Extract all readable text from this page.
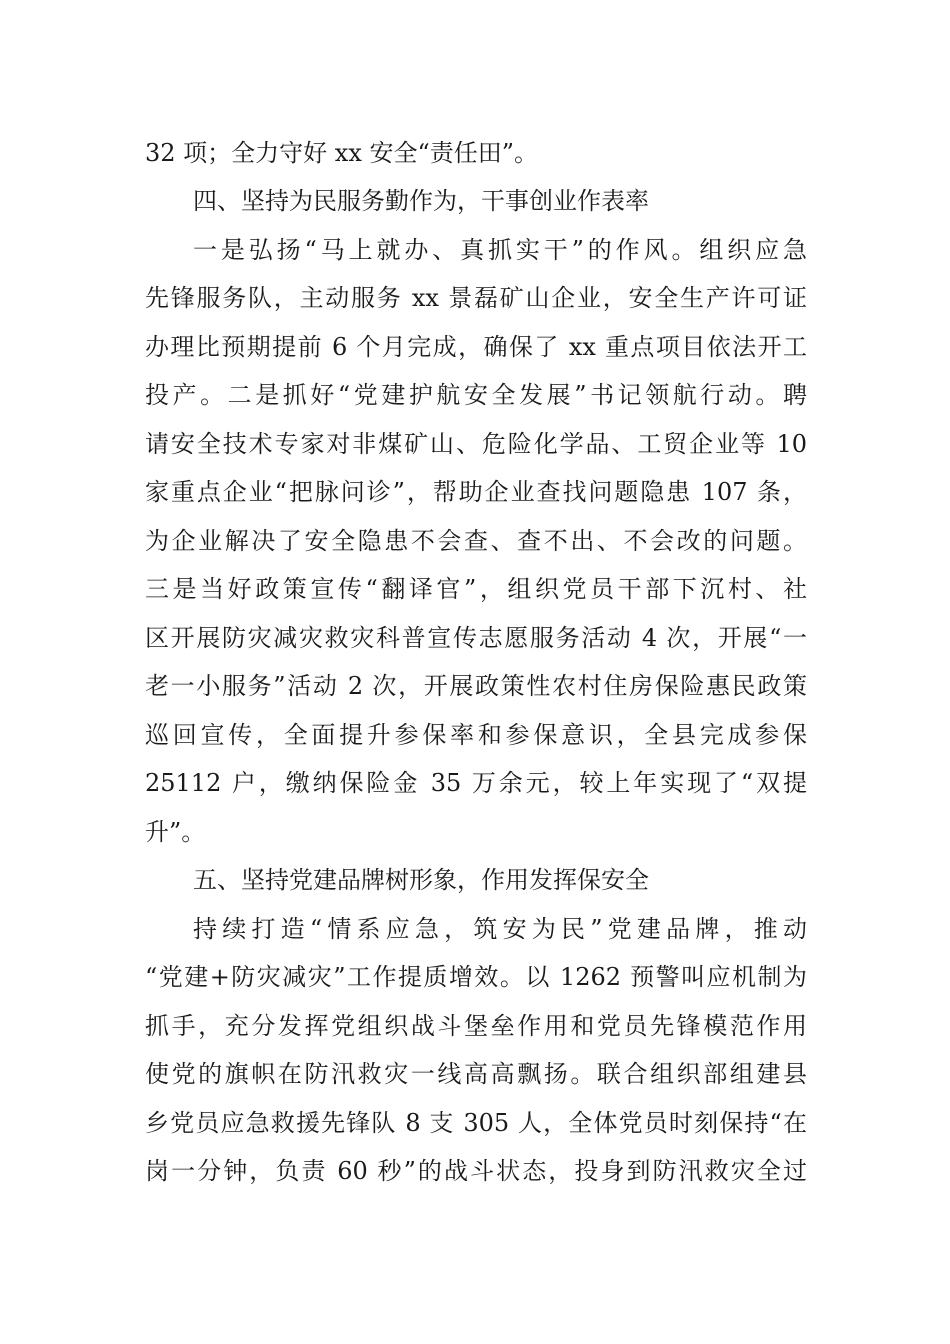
32 项；全力守好 xx 安全“责任田”。
四、坚持为民服务勤作为，干事创业作表率
一是弘扬“马上就办、真抓实干”的作风。组织应急
先锋服务队，主动服务 xx 景磊矿山企业，安全生产许可证
办理比预期提前 6 个月完成，确保了 xx 重点项目依法开工
投产。二是抓好“党建护航安全发展”书记领航行动。聘
请安全技术专家对非煤矿山、危险化学品、工贸企业等 10
家重点企业“把脉问诊”，帮助企业查找问题隐患 107 条，
为企业解决了安全隐患不会查、查不出、不会改的问题。
三是当好政策宣传“翻译官”，组织党员干部下沉村、社
区开展防灾减灾救灾科普宣传志愿服务活动 4 次，开展“一
老一小服务”活动 2 次，开展政策性农村住房保险惠民政策
巡回宣传，全面提升参保率和参保意识，全县完成参保
25112 户，缴纳保险金 35 万余元，较上年实现了“双提
升”。
五、坚持党建品牌树形象，作用发挥保安全
持续打造“情系应急，筑安为民”党建品牌，推动
“党建+防灾减灾”工作提质增效。以 1262 预警叫应机制为
抓手，充分发挥党组织战斗堡垒作用和党员先锋模范作用
使党的旗帜在防汛救灾一线高高飘扬。联合组织部组建县
乡党员应急救援先锋队 8 支 305 人，全体党员时刻保持“在
岗一分钟，负责 60 秒”的战斗状态，投身到防汛救灾全过
